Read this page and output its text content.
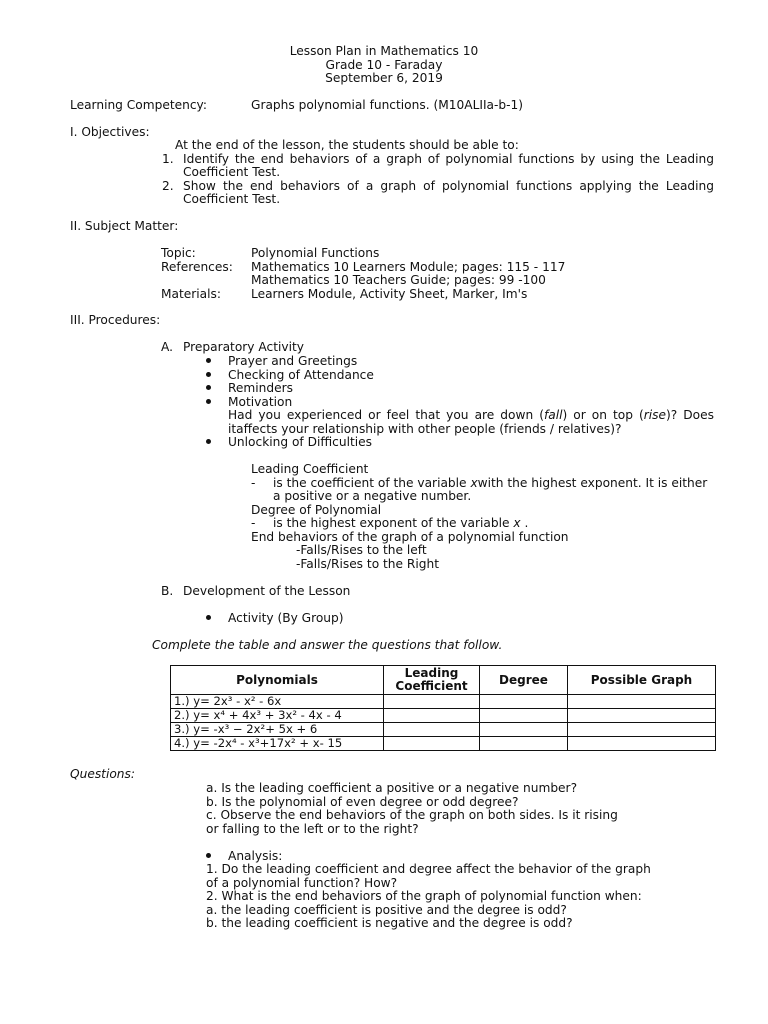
Lesson Plan in Mathematics 10
Grade 10 - Faraday
September 6, 2019
Learning Competency:	Graphs polynomial functions. (M10ALIIa-b-1)
I. Objectives:
At the end of the lesson, the students should be able to:
1. Identify the end behaviors of a graph of polynomial functions by using the Leading
Coefficient Test.
2. Show the end behaviors of a graph of polynomial functions applying the Leading
Coefficient Test.
II. Subject Matter:
Topic:	Polynomial Functions
References: Mathematics 10 Learners Module; pages: 115 - 117
Mathematics 10 Teachers Guide; pages: 99 -100
Materials: Learners Module, Activity Sheet, Marker, Im's
III. Procedures:
A. Preparatory Activity
Prayer and Greetings
Checking of Attendance
Reminders
Motivation
Had you experienced or feel that you are down (fall) or on top (rise)? Does
itaffects your relationship with other people (friends / relatives)?
Unlocking of Difficulties
Leading Coefficient
- is the coefficient of the variable xwith the highest exponent. It is either
a positive or a negative number.
Degree of Polynomial
- is the highest exponent of the variable x .
End behaviors of the graph of a polynomial function
-Falls/Rises to the left
-Falls/Rises to the Right
B. Development of the Lesson
Activity (By Group)
Complete the table and answer the questions that follow.
Polynomials	Leading Coefficient	Degree	Possible Graph
1.) y= 2x³ - x² - 6x			
2.) y= x⁴ + 4x³ + 3x² - 4x - 4			
3.) y= -x³ − 2x²+ 5x + 6			
4.) y= -2x⁴ - x³+17x² + x- 15			
Questions:
a. Is the leading coefficient a positive or a negative number?
b. Is the polynomial of even degree or odd degree?
c. Observe the end behaviors of the graph on both sides. Is it rising
or falling to the left or to the right?
Analysis:
1. Do the leading coefficient and degree affect the behavior of the graph
of a polynomial function? How?
2. What is the end behaviors of the graph of polynomial function when:
a. the leading coefficient is positive and the degree is odd?
b. the leading coefficient is negative and the degree is odd?
